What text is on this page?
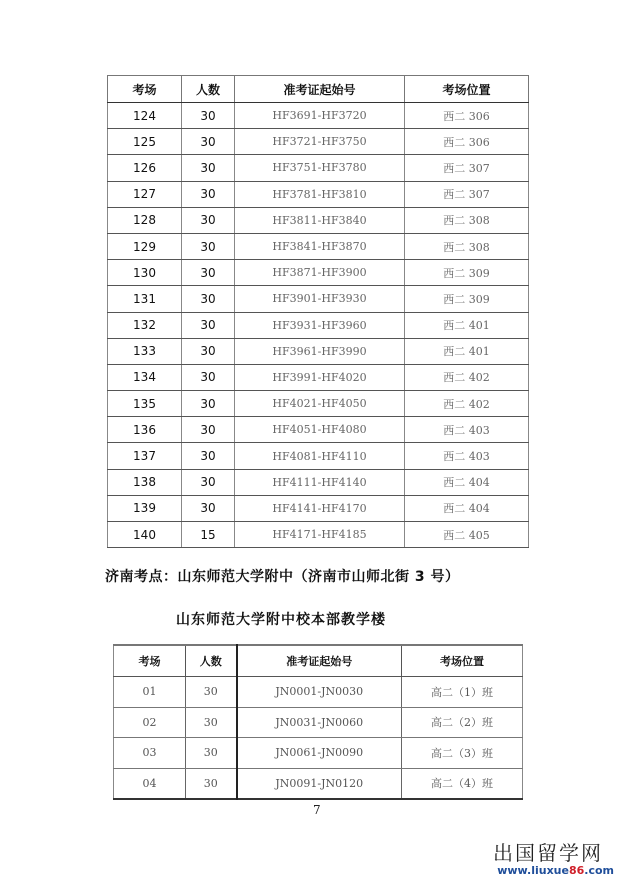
考场	人数	准考证起始号	考场位置
124	30	HF3691-HF3720	西二 306
125	30	HF3721-HF3750	西二 306
126	30	HF3751-HF3780	西二 307
127	30	HF3781-HF3810	西二 307
128	30	HF3811-HF3840	西二 308
129	30	HF3841-HF3870	西二 308
130	30	HF3871-HF3900	西二 309
131	30	HF3901-HF3930	西二 309
132	30	HF3931-HF3960	西二 401
133	30	HF3961-HF3990	西二 401
134	30	HF3991-HF4020	西二 402
135	30	HF4021-HF4050	西二 402
136	30	HF4051-HF4080	西二 403
137	30	HF4081-HF4110	西二 403
138	30	HF4111-HF4140	西二 404
139	30	HF4141-HF4170	西二 404
140	15	HF4171-HF4185	西二 405
济南考点：山东师范大学附中（济南市山师北街 3 号）
山东师范大学附中校本部教学楼
考场	人数	准考证起始号	考场位置
01	30	JN0001-JN0030	高二（1）班
02	30	JN0031-JN0060	高二（2）班
03	30	JN0061-JN0090	高二（3）班
04	30	JN0091-JN0120	高二（4）班
7
出国留学网
www.liuxue86.com
